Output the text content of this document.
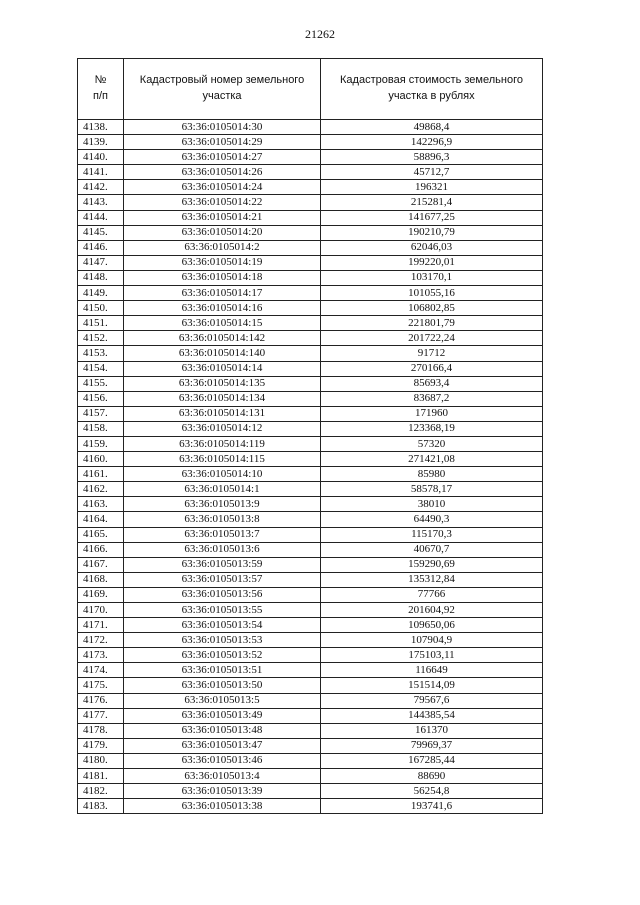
21262
№
п/п	Кадастровый номер земельного участка	Кадастровая стоимость земельного участка в рублях
4138.	63:36:0105014:30	49868,4
4139.	63:36:0105014:29	142296,9
4140.	63:36:0105014:27	58896,3
4141.	63:36:0105014:26	45712,7
4142.	63:36:0105014:24	196321
4143.	63:36:0105014:22	215281,4
4144.	63:36:0105014:21	141677,25
4145.	63:36:0105014:20	190210,79
4146.	63:36:0105014:2	62046,03
4147.	63:36:0105014:19	199220,01
4148.	63:36:0105014:18	103170,1
4149.	63:36:0105014:17	101055,16
4150.	63:36:0105014:16	106802,85
4151.	63:36:0105014:15	221801,79
4152.	63:36:0105014:142	201722,24
4153.	63:36:0105014:140	91712
4154.	63:36:0105014:14	270166,4
4155.	63:36:0105014:135	85693,4
4156.	63:36:0105014:134	83687,2
4157.	63:36:0105014:131	171960
4158.	63:36:0105014:12	123368,19
4159.	63:36:0105014:119	57320
4160.	63:36:0105014:115	271421,08
4161.	63:36:0105014:10	85980
4162.	63:36:0105014:1	58578,17
4163.	63:36:0105013:9	38010
4164.	63:36:0105013:8	64490,3
4165.	63:36:0105013:7	115170,3
4166.	63:36:0105013:6	40670,7
4167.	63:36:0105013:59	159290,69
4168.	63:36:0105013:57	135312,84
4169.	63:36:0105013:56	77766
4170.	63:36:0105013:55	201604,92
4171.	63:36:0105013:54	109650,06
4172.	63:36:0105013:53	107904,9
4173.	63:36:0105013:52	175103,11
4174.	63:36:0105013:51	116649
4175.	63:36:0105013:50	151514,09
4176.	63:36:0105013:5	79567,6
4177.	63:36:0105013:49	144385,54
4178.	63:36:0105013:48	161370
4179.	63:36:0105013:47	79969,37
4180.	63:36:0105013:46	167285,44
4181.	63:36:0105013:4	88690
4182.	63:36:0105013:39	56254,8
4183.	63:36:0105013:38	193741,6
